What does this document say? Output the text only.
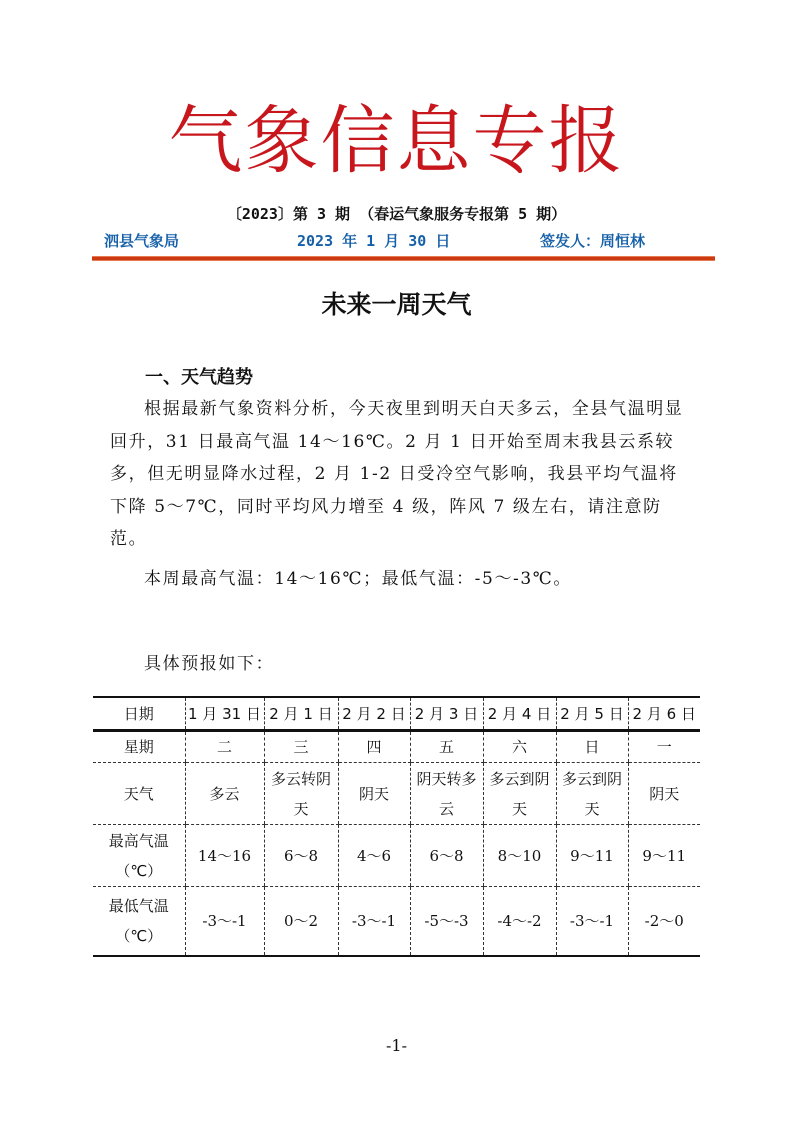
气象信息专报
〔2023〕第 3 期 （春运气象服务专报第 5 期）
泗县气象局	2023 年 1 月 30 日	签发人：周恒林
未来一周天气
一、天气趋势
根据最新气象资料分析，今天夜里到明天白天多云，全县气温明显回升，31 日最高气温 14～16℃。2 月 1 日开始至周末我县云系较多，但无明显降水过程，2 月 1-2 日受冷空气影响，我县平均气温将下降 5～7℃，同时平均风力增至 4 级，阵风 7 级左右，请注意防范。
本周最高气温：14～16℃；最低气温：-5～-3℃。
具体预报如下：
日期	1 月 31 日	2 月 1 日	2 月 2 日	2 月 3 日	2 月 4 日	2 月 5 日	2 月 6 日
星期	二	三	四	五	六	日	一
天气	多云	多云转阴天	阴天	阴天转多云	多云到阴天	多云到阴天	阴天

最高气温
（℃）	14～16	6～8	4～6	6～8	8～10	9～11	9～11

最低气温
（℃）	-3～-1	0～2	-3～-1	-5～-3	-4～-2	-3～-1	-2～0
-1-
